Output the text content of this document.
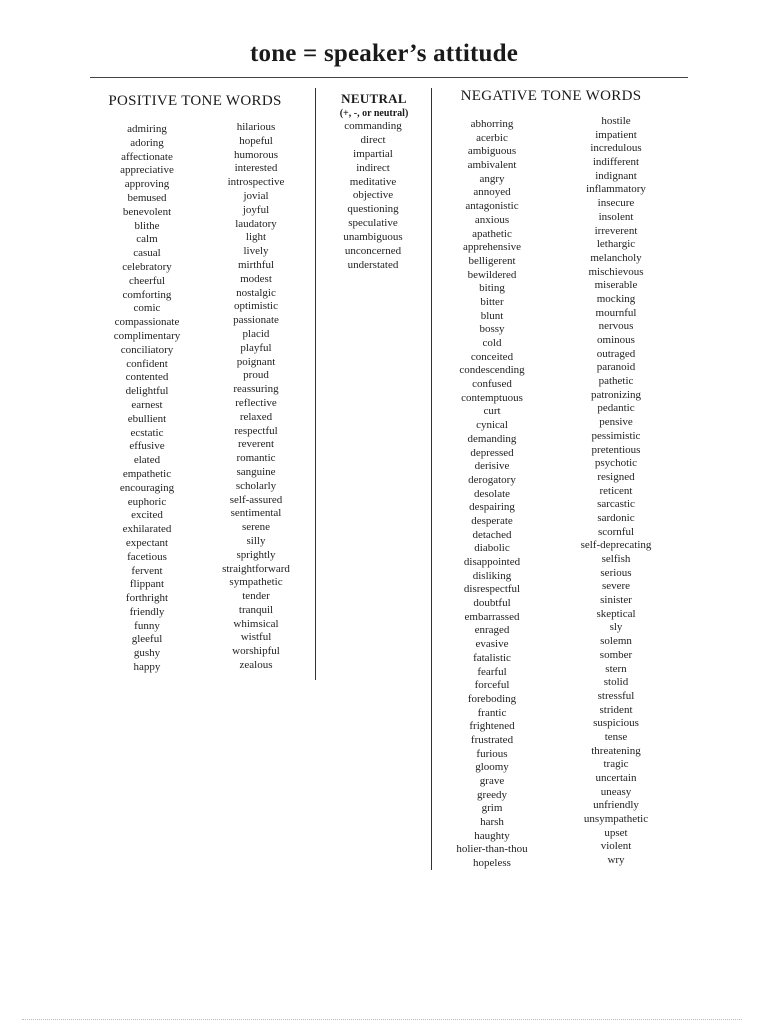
tone = speaker’s attitude
POSITIVE TONE WORDS	NEUTRAL
(+, -, or neutral)
NEGATIVE TONE WORDS
admiring
adoring
affectionate
appreciative
approving
bemused
benevolent
blithe
calm
casual
celebratory
cheerful
comforting
comic
compassionate
complimentary
conciliatory
confident
contented
delightful
earnest
ebullient
ecstatic
effusive
elated
empathetic
encouraging
euphoric
excited
exhilarated
expectant
facetious
fervent
flippant
forthright
friendly
funny
gleeful
gushy
happy
hilarious
hopeful
humorous
interested
introspective
jovial
joyful
laudatory
light
lively
mirthful
modest
nostalgic
optimistic
passionate
placid
playful
poignant
proud
reassuring
reflective
relaxed
respectful
reverent
romantic
sanguine
scholarly
self-assured
sentimental
serene
silly
sprightly
straightforward
sympathetic
tender
tranquil
whimsical
wistful
worshipful
zealous
commanding
direct
impartial
indirect
meditative
objective
questioning
speculative
unambiguous
unconcerned
understated
abhorring
acerbic
ambiguous
ambivalent
angry
annoyed
antagonistic
anxious
apathetic
apprehensive
belligerent
bewildered
biting
bitter
blunt
bossy
cold
conceited
condescending
confused
contemptuous
curt
cynical
demanding
depressed
derisive
derogatory
desolate
despairing
desperate
detached
diabolic
disappointed
disliking
disrespectful
doubtful
embarrassed
enraged
evasive
fatalistic
fearful
forceful
foreboding
frantic
frightened
frustrated
furious
gloomy
grave
greedy
grim
harsh
haughty
holier-than-thou
hopeless
hostile
impatient
incredulous
indifferent
indignant
inflammatory
insecure
insolent
irreverent
lethargic
melancholy
mischievous
miserable
mocking
mournful
nervous
ominous
outraged
paranoid
pathetic
patronizing
pedantic
pensive
pessimistic
pretentious
psychotic
resigned
reticent
sarcastic
sardonic
scornful
self-deprecating
selfish
serious
severe
sinister
skeptical
sly
solemn
somber
stern
stolid
stressful
strident
suspicious
tense
threatening
tragic
uncertain
uneasy
unfriendly
unsympathetic
upset
violent
wry
